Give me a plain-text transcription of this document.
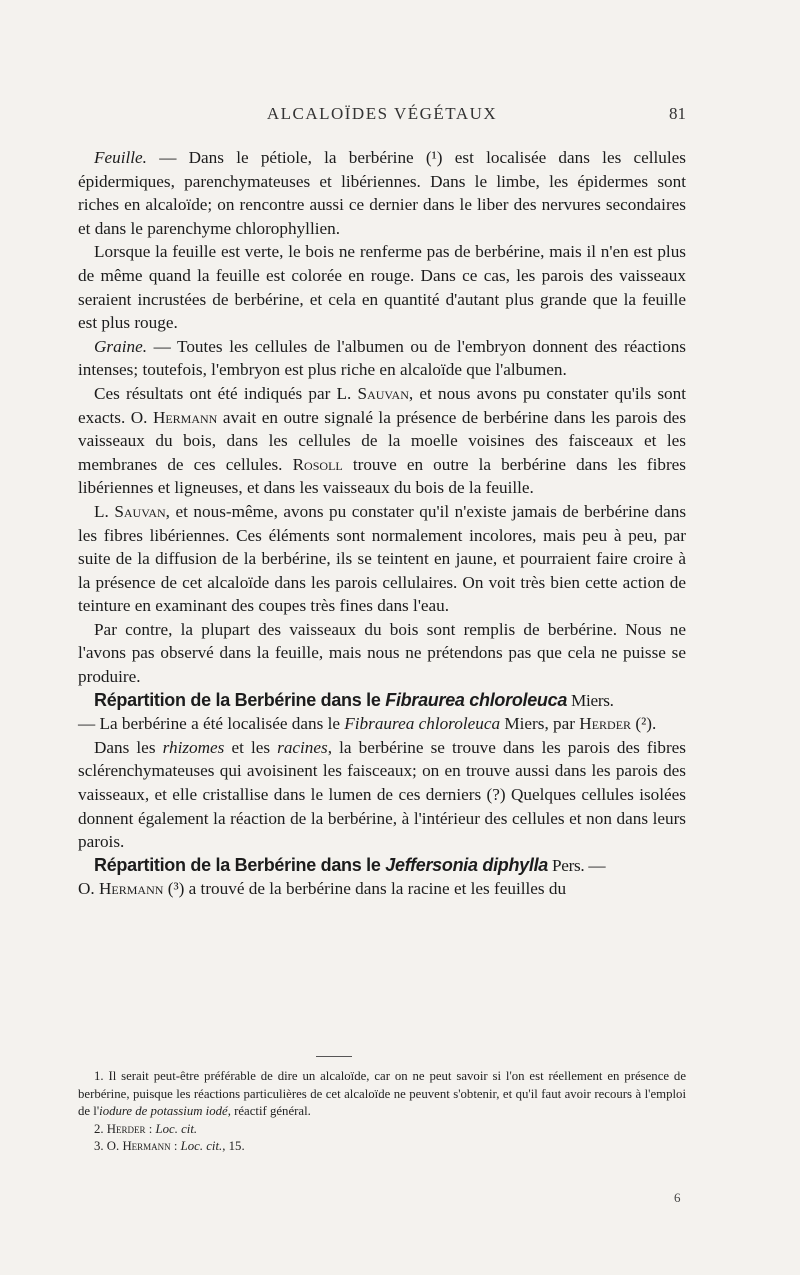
ALCALOÏDES VÉGÉTAUX	81

Feuille. — Dans le pétiole, la berbérine (¹) est localisée dans les cellules épidermiques, parenchymateuses et libériennes. Dans le limbe, les épidermes sont riches en alcaloïde; on rencontre aussi ce dernier dans le liber des nervures secondaires et dans le parenchyme chlorophyllien.

Lorsque la feuille est verte, le bois ne renferme pas de berbérine, mais il n'en est plus de même quand la feuille est colorée en rouge. Dans ce cas, les parois des vaisseaux seraient incrustées de berbérine, et cela en quantité d'autant plus grande que la feuille est plus rouge.

Graine. — Toutes les cellules de l'albumen ou de l'embryon donnent des réactions intenses; toutefois, l'embryon est plus riche en alcaloïde que l'albumen.

Ces résultats ont été indiqués par L. Sauvan, et nous avons pu constater qu'ils sont exacts. O. Hermann avait en outre signalé la présence de berbérine dans les parois des vaisseaux du bois, dans les cellules de la moelle voisines des faisceaux et les membranes de ces cellules. Rosoll trouve en outre la berbérine dans les fibres libériennes et ligneuses, et dans les vaisseaux du bois de la feuille.

L. Sauvan, et nous-même, avons pu constater qu'il n'existe jamais de berbérine dans les fibres libériennes. Ces éléments sont normalement incolores, mais peu à peu, par suite de la diffusion de la berbérine, ils se teintent en jaune, et pourraient faire croire à la présence de cet alcaloïde dans les parois cellulaires. On voit très bien cette action de teinture en examinant des coupes très fines dans l'eau.

Par contre, la plupart des vaisseaux du bois sont remplis de berbérine. Nous ne l'avons pas observé dans la feuille, mais nous ne prétendons pas que cela ne puisse se produire.

Répartition de la Berbérine dans le Fibraurea chloroleuca Miers.

— La berbérine a été localisée dans le Fibraurea chloroleuca Miers, par Herder (²).

Dans les rhizomes et les racines, la berbérine se trouve dans les parois des fibres sclérenchymateuses qui avoisinent les faisceaux; on en trouve aussi dans les parois des vaisseaux, et elle cristallise dans le lumen de ces derniers (?) Quelques cellules isolées donnent également la réaction de la berbérine, à l'intérieur des cellules et non dans leurs parois.

Répartition de la Berbérine dans le Jeffersonia diphylla Pers. —

O. Hermann (³) a trouvé de la berbérine dans la racine et les feuilles du

1. Il serait peut-être préférable de dire un alcaloïde, car on ne peut savoir si l'on est réellement en présence de berbérine, puisque les réactions particulières de cet alcaloïde ne peuvent s'obtenir, et qu'il faut avoir recours à l'emploi de l'iodure de potassium iodé, réactif général.

2. Herder : Loc. cit.

3. O. Hermann : Loc. cit., 15.

6
